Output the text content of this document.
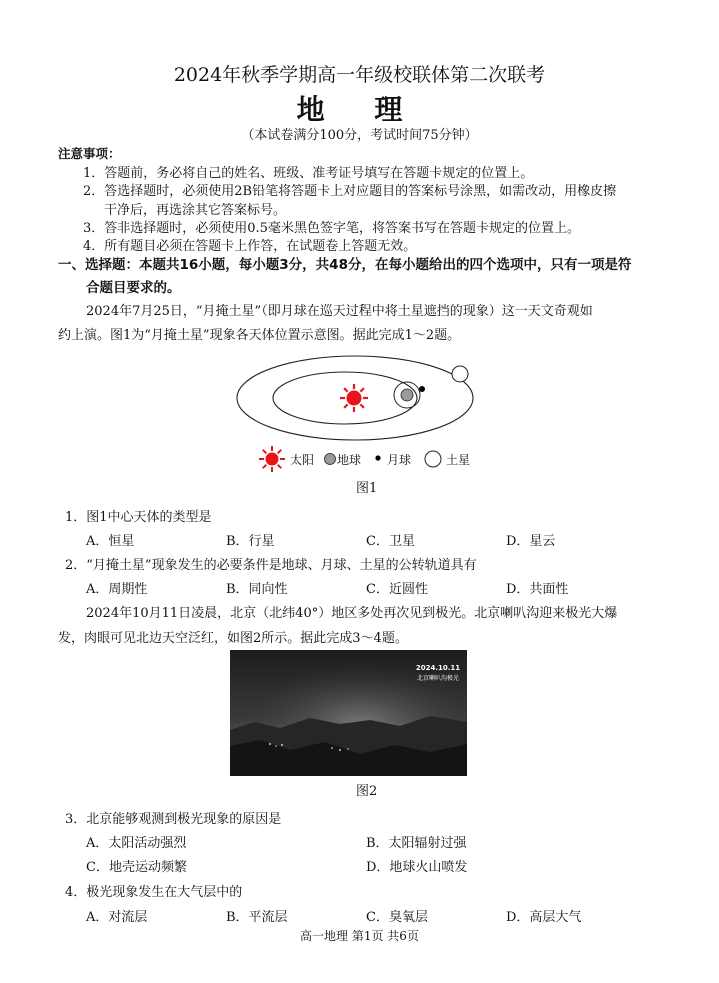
2024年秋季学期高一年级校联体第二次联考
地 理
（本试卷满分100分，考试时间75分钟）
注意事项：
1．答题前，务必将自己的姓名、班级、准考证号填写在答题卡规定的位置上。
2．答选择题时，必须使用2B铅笔将答题卡上对应题目的答案标号涂黑，如需改动，用橡皮擦
干净后，再选涂其它答案标号。
3．答非选择题时，必须使用0.5毫米黑色签字笔，将答案书写在答题卡规定的位置上。
4．所有题目必须在答题卡上作答，在试题卷上答题无效。
一、选择题：本题共16小题，每小题3分，共48分，在每小题给出的四个选项中，只有一项是符
合题目要求的。
2024年7月25日，“月掩土星”（即月球在巡天过程中将土星遮挡的现象）这一天文奇观如
约上演。图1为“月掩土星”现象各天体位置示意图。据此完成1～2题。
太阳 地球 月球	土星
图1
1．图1中心天体的类型是
A．恒星	B．行星	C．卫星	D．星云
2．“月掩土星”现象发生的必要条件是地球、月球、土星的公转轨道具有
A．周期性	B．同向性	C．近圆性	D．共面性
2024年10月11日凌晨，北京（北纬40°）地区多处再次见到极光。北京喇叭沟迎来极光大爆
发，肉眼可见北边天空泛红，如图2所示。据此完成3～4题。
2024.10.11
北京喇叭沟极光
图2
3．北京能够观测到极光现象的原因是
A．太阳活动强烈	B．太阳辐射过强
C．地壳运动频繁	D．地球火山喷发
4．极光现象发生在大气层中的
A．对流层	B．平流层	C．臭氧层	D．高层大气
高一地理 第1页 共6页
